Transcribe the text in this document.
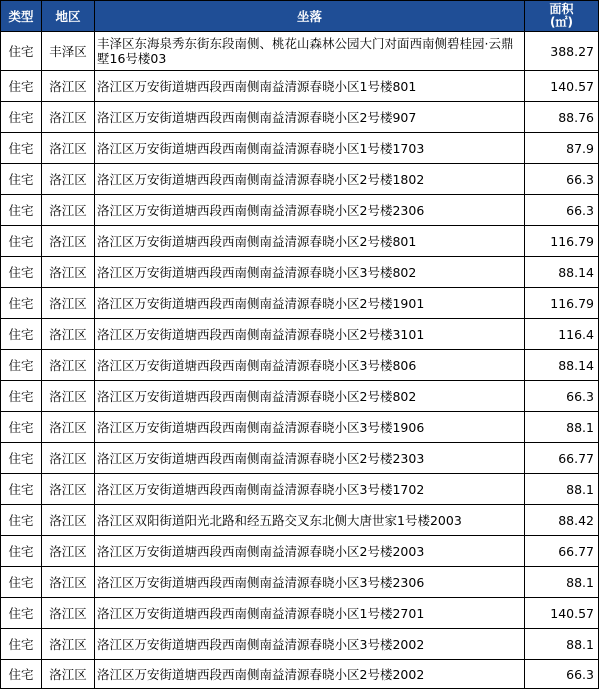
类型	地区	坐落	面积
(㎡)

住宅	丰泽区	丰泽区东海泉秀东街东段南侧、桃花山森林公园大门对面西南侧碧桂园·云鼎墅16号楼03	388.27
住宅	洛江区	洛江区万安街道塘西段西南侧南益清源春晓小区1号楼801	140.57
住宅	洛江区	洛江区万安街道塘西段西南侧南益清源春晓小区2号楼907	88.76
住宅	洛江区	洛江区万安街道塘西段西南侧南益清源春晓小区1号楼1703	87.9
住宅	洛江区	洛江区万安街道塘西段西南侧南益清源春晓小区2号楼1802	66.3
住宅	洛江区	洛江区万安街道塘西段西南侧南益清源春晓小区2号楼2306	66.3
住宅	洛江区	洛江区万安街道塘西段西南侧南益清源春晓小区2号楼801	116.79
住宅	洛江区	洛江区万安街道塘西段西南侧南益清源春晓小区3号楼802	88.14
住宅	洛江区	洛江区万安街道塘西段西南侧南益清源春晓小区2号楼1901	116.79
住宅	洛江区	洛江区万安街道塘西段西南侧南益清源春晓小区2号楼3101	116.4
住宅	洛江区	洛江区万安街道塘西段西南侧南益清源春晓小区3号楼806	88.14
住宅	洛江区	洛江区万安街道塘西段西南侧南益清源春晓小区2号楼802	66.3
住宅	洛江区	洛江区万安街道塘西段西南侧南益清源春晓小区3号楼1906	88.1
住宅	洛江区	洛江区万安街道塘西段西南侧南益清源春晓小区2号楼2303	66.77
住宅	洛江区	洛江区万安街道塘西段西南侧南益清源春晓小区3号楼1702	88.1
住宅	洛江区	洛江区双阳街道阳光北路和经五路交叉东北侧大唐世家1号楼2003	88.42
住宅	洛江区	洛江区万安街道塘西段西南侧南益清源春晓小区2号楼2003	66.77
住宅	洛江区	洛江区万安街道塘西段西南侧南益清源春晓小区3号楼2306	88.1
住宅	洛江区	洛江区万安街道塘西段西南侧南益清源春晓小区1号楼2701	140.57
住宅	洛江区	洛江区万安街道塘西段西南侧南益清源春晓小区3号楼2002	88.1
住宅	洛江区	洛江区万安街道塘西段西南侧南益清源春晓小区2号楼2002	66.3
